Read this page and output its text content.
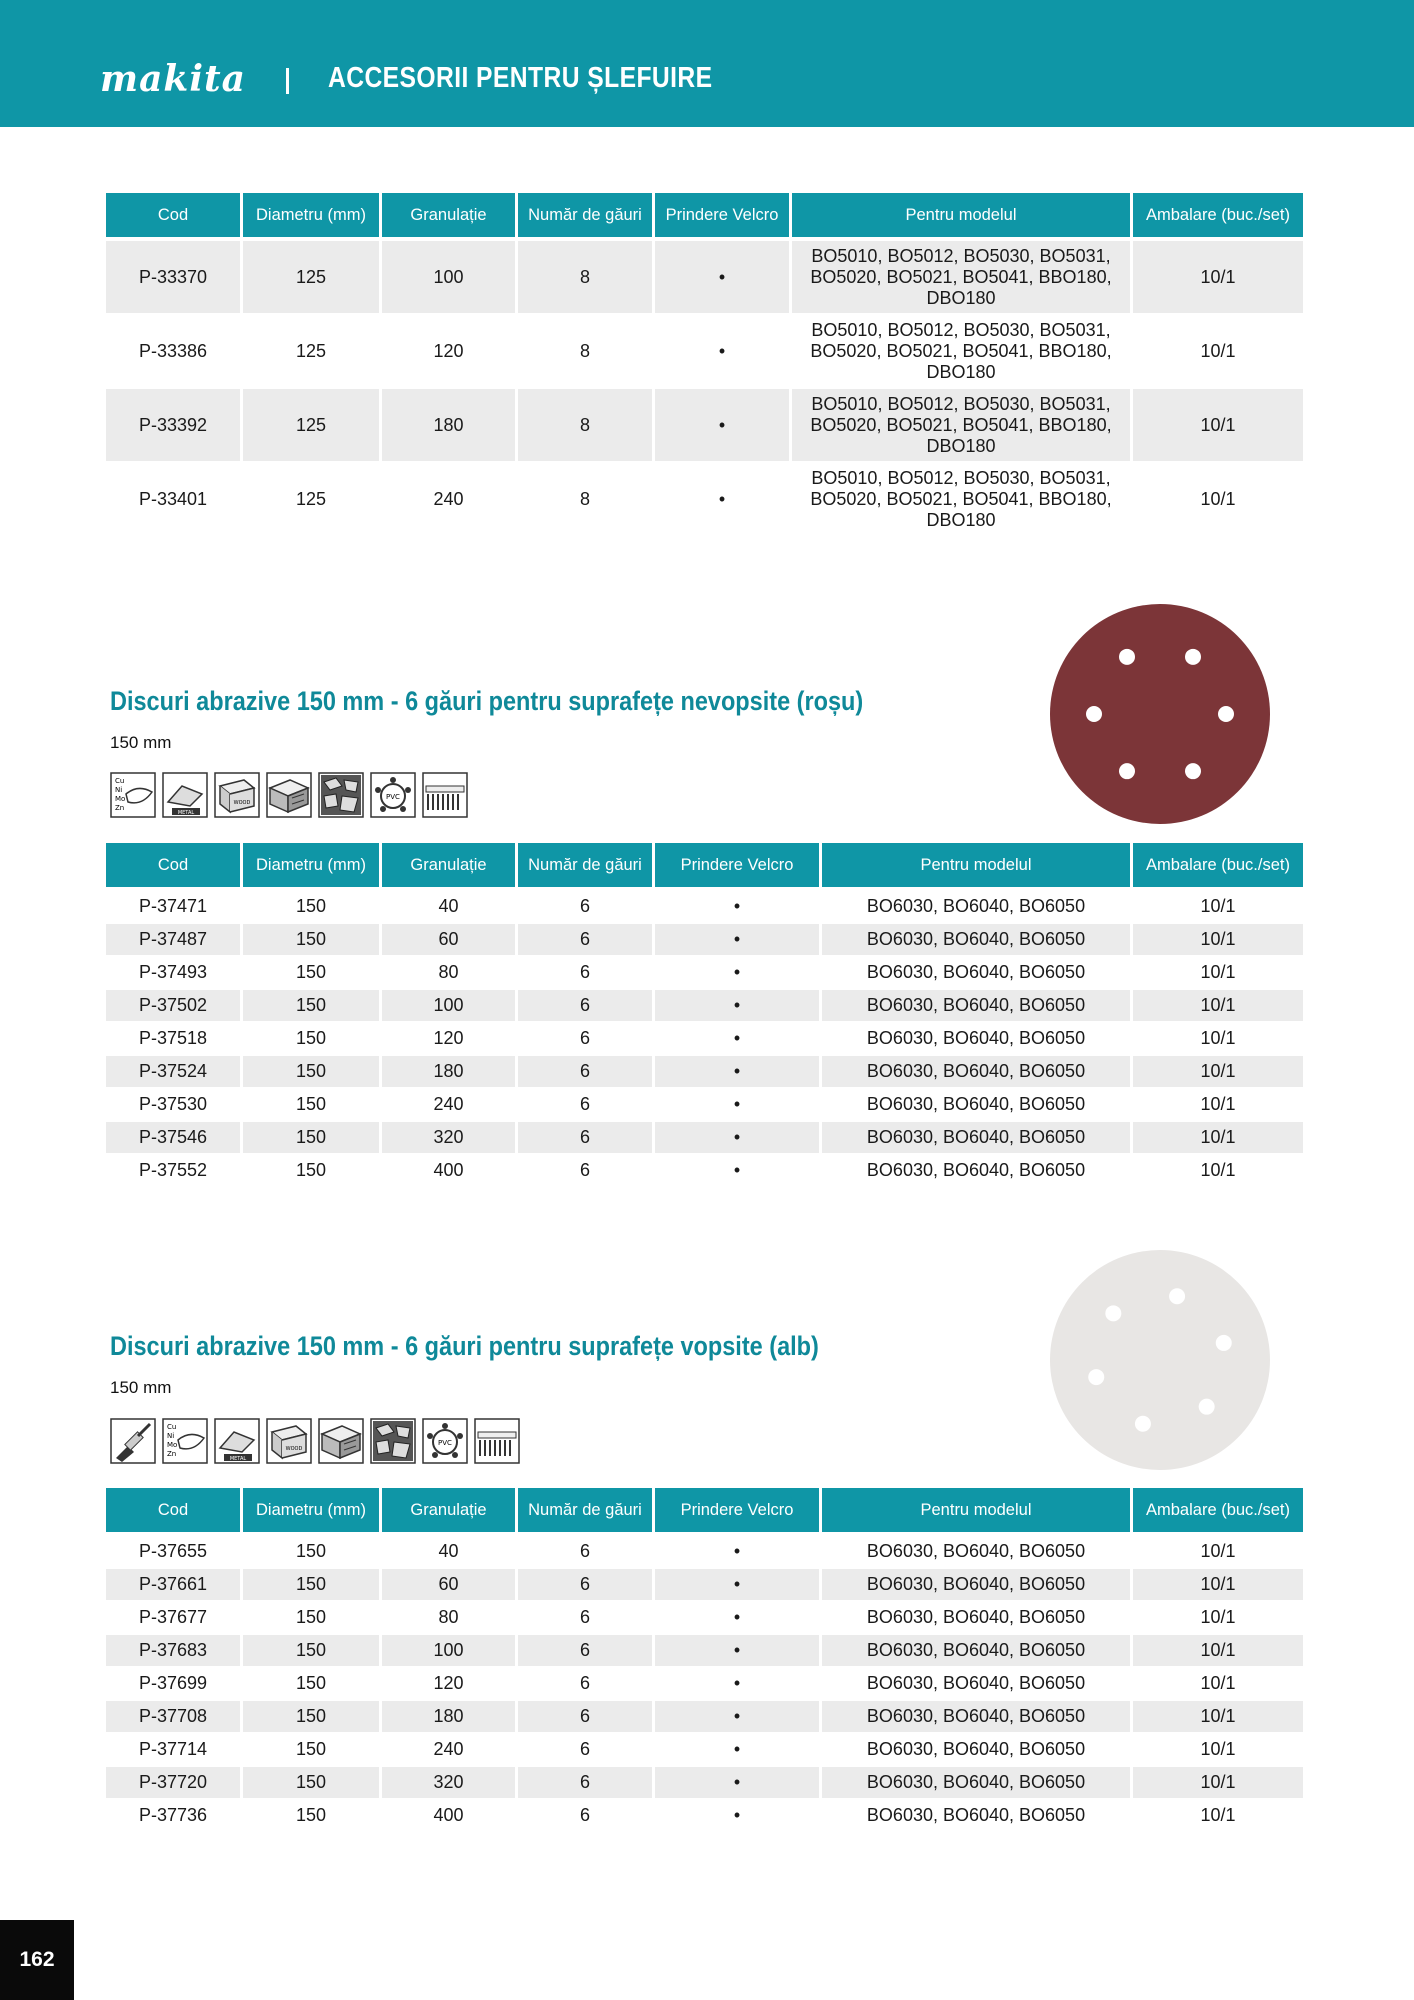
makita	ACCESORII PENTRU ȘLEFUIRE
Cod	Diametru (mm)	Granulație	Număr de găuri	Prindere Velcro	Pentru modelul	Ambalare (buc./set)
P-33370	125	100	8	•	BO5010, BO5012, BO5030, BO5031, BO5020, BO5021, BO5041, BBO180, DBO180	10/1
P-33386	125	120	8	•	BO5010, BO5012, BO5030, BO5031, BO5020, BO5021, BO5041, BBO180, DBO180	10/1
P-33392	125	180	8	•	BO5010, BO5012, BO5030, BO5031, BO5020, BO5021, BO5041, BBO180, DBO180	10/1
P-33401	125	240	8	•	BO5010, BO5012, BO5030, BO5031, BO5020, BO5021, BO5041, BBO180, DBO180	10/1
Discuri abrazive 150 mm - 6 găuri pentru suprafețe nevopsite (roșu)
150 mm
Cu
Ni
Mo
Zn
METAL
WOOD
PVC
Cod	Diametru (mm)	Granulație	Număr de găuri	Prindere Velcro	Pentru modelul	Ambalare (buc./set)
P-37471	150	40	6	•	BO6030, BO6040, BO6050	10/1
P-37487	150	60	6	•	BO6030, BO6040, BO6050	10/1
P-37493	150	80	6	•	BO6030, BO6040, BO6050	10/1
P-37502	150	100	6	•	BO6030, BO6040, BO6050	10/1
P-37518	150	120	6	•	BO6030, BO6040, BO6050	10/1
P-37524	150	180	6	•	BO6030, BO6040, BO6050	10/1
P-37530	150	240	6	•	BO6030, BO6040, BO6050	10/1
P-37546	150	320	6	•	BO6030, BO6040, BO6050	10/1
P-37552	150	400	6	•	BO6030, BO6040, BO6050	10/1
Discuri abrazive 150 mm - 6 găuri pentru suprafețe vopsite (alb)
150 mm
Cu
Ni
Mo
Zn
METAL
WOOD
PVC
Cod	Diametru (mm)	Granulație	Număr de găuri	Prindere Velcro	Pentru modelul	Ambalare (buc./set)
P-37655	150	40	6	•	BO6030, BO6040, BO6050	10/1
P-37661	150	60	6	•	BO6030, BO6040, BO6050	10/1
P-37677	150	80	6	•	BO6030, BO6040, BO6050	10/1
P-37683	150	100	6	•	BO6030, BO6040, BO6050	10/1
P-37699	150	120	6	•	BO6030, BO6040, BO6050	10/1
P-37708	150	180	6	•	BO6030, BO6040, BO6050	10/1
P-37714	150	240	6	•	BO6030, BO6040, BO6050	10/1
P-37720	150	320	6	•	BO6030, BO6040, BO6050	10/1
P-37736	150	400	6	•	BO6030, BO6040, BO6050	10/1
162
